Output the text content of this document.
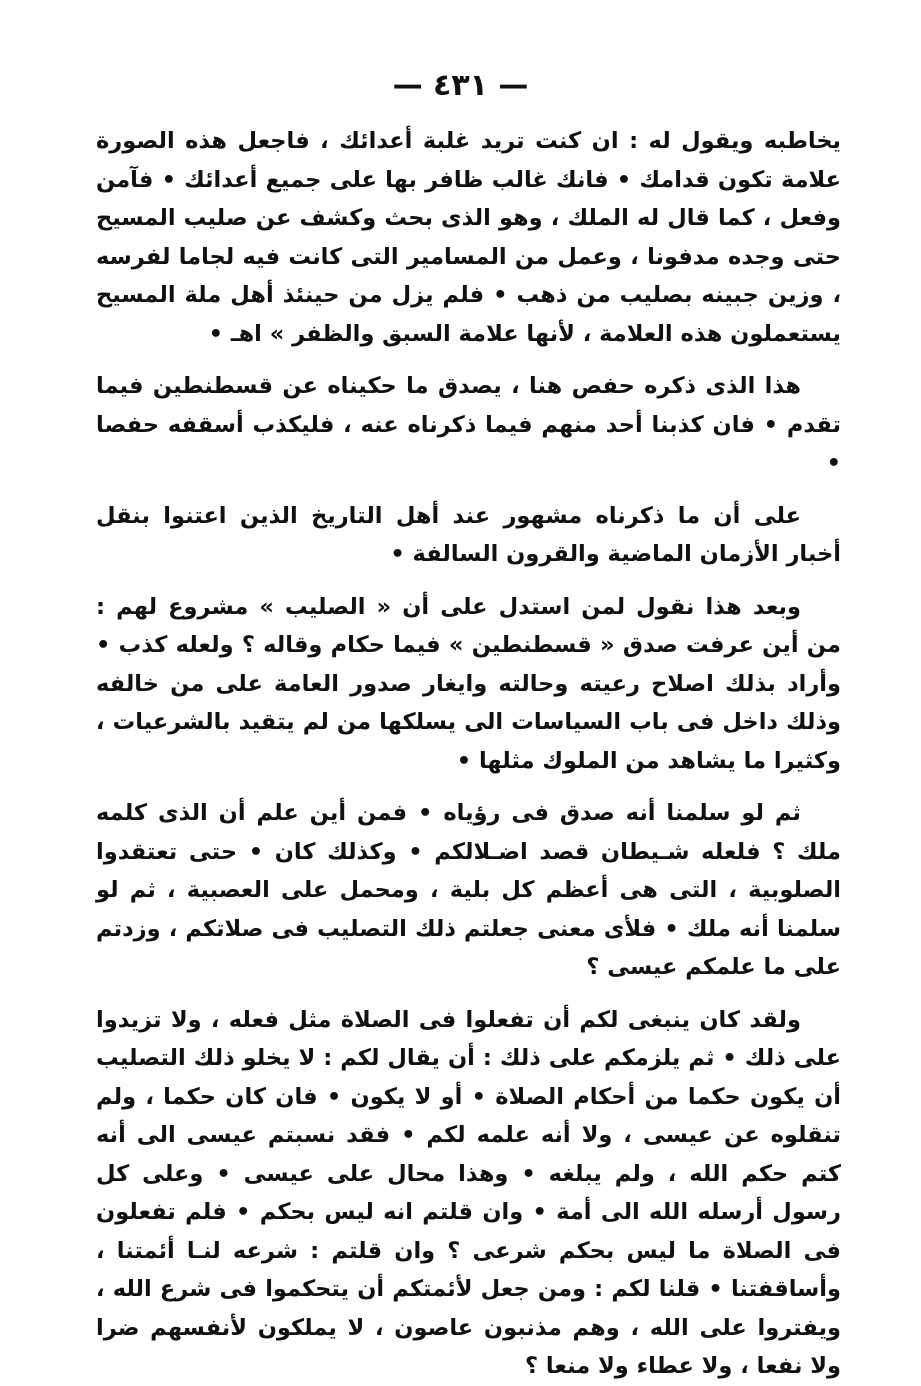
— ٤٣١ —

يخاطبه ويقول له : ان كنت تريد غلبة أعدائك ، فاجعل هذه الصورة علامة تكون قدامك • فانك غالب ظافر بها على جميع أعدائك • فآمن وفعل ، كما قال له الملك ، وهو الذى بحث وكشف عن صليب المسيح حتى وجده مدفونا ، وعمل من المسامير التى كانت فيه لجاما لفرسه ، وزين جبينه بصليب من ذهب • فلم يزل من حينئذ أهل ملة المسيح يستعملون هذه العلامة ، لأنها علامة السبق والظفر » اهـ •

هذا الذى ذكره حفص هنا ، يصدق ما حكيناه عن قسطنطين فيما تقدم • فان كذبنا أحد منهم فيما ذكرناه عنه ، فليكذب أسقفه حفصا •

على أن ما ذكرناه مشهور عند أهل التاريخ الذين اعتنوا بنقل أخبار الأزمان الماضية والقرون السالفة •

وبعد هذا نقول لمن استدل على أن « الصليب » مشروع لهم : من أين عرفت صدق « قسطنطين » فيما حكام وقاله ؟ ولعله كذب • وأراد بذلك اصلاح رعيته وحالته وايغار صدور العامة على من خالفه وذلك داخل فى باب السياسات الى يسلكها من لم يتقيد بالشرعيات ، وكثيرا ما يشاهد من الملوك مثلها •

ثم لو سلمنا أنه صدق فى رؤياه • فمن أين علم أن الذى كلمه ملك ؟ فلعله شـيطان قصد اضـلالكم • وكذلك كان • حتى تعتقدوا الصلوبية ، التى هى أعظم كل بلية ، ومحمل على العصبية ، ثم لو سلمنا أنه ملك • فلأى معنى جعلتم ذلك التصليب فى صلاتكم ، وزدتم على ما علمكم عيسى ؟

ولقد كان ينبغى لكم أن تفعلوا فى الصلاة مثل فعله ، ولا تزيدوا على ذلك • ثم يلزمكم على ذلك : أن يقال لكم : لا يخلو ذلك التصليب أن يكون حكما من أحكام الصلاة • أو لا يكون • فان كان حكما ، ولم تنقلوه عن عيسى ، ولا أنه علمه لكم • فقد نسبتم عيسى الى أنه كتم حكم الله ، ولم يبلغه • وهذا محال على عيسى • وعلى كل رسول أرسله الله الى أمة • وان قلتم انه ليس بحكم • فلم تفعلون فى الصلاة ما ليس بحكم شرعى ؟ وان قلتم : شرعه لنـا أئمتنا ، وأساقفتنا • قلنا لكم : ومن جعل لأئمتكم أن يتحكموا فى شرع الله ، ويفتروا على الله ، وهم مذنبون عاصون ، لا يملكون لأنفسهم ضرا ولا نفعا ، ولا عطاء ولا منعا ؟
